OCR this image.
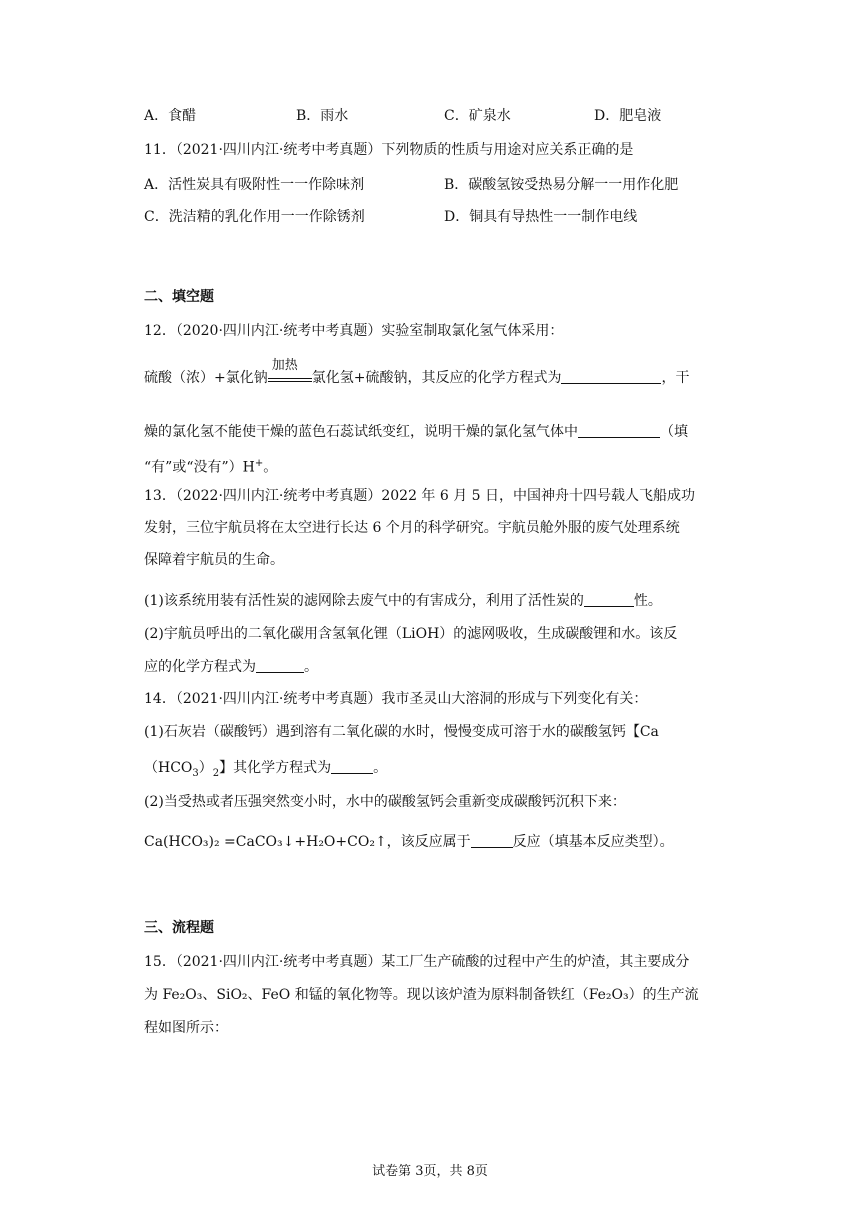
A．食醋	B．雨水	C．矿泉水	D．肥皂液
11．（2021·四川内江·统考中考真题）下列物质的性质与用途对应关系正确的是
A．活性炭具有吸附性一一作除味剂	B．碳酸氢铵受热易分解一一用作化肥
C．洗洁精的乳化作用一一作除锈剂	D．铜具有导热性一一制作电线
二、填空题
12．（2020·四川内江·统考中考真题）实验室制取氯化氢气体采用：
硫酸（浓）+氯化钠
加热
氯化氢+硫酸钠，其反应的化学方程式为	，干
燥的氯化氢不能使干燥的蓝色石蕊试纸变红，说明干燥的氯化氢气体中	（填
“有”或“没有”）H+。
13．（2022·四川内江·统考中考真题）2022 年 6 月 5 日，中国神舟十四号载人飞船成功
发射，三位宇航员将在太空进行长达 6 个月的科学研究。宇航员舱外服的废气处理系统
保障着宇航员的生命。
(1)该系统用装有活性炭的滤网除去废气中的有害成分，利用了活性炭的	性。
(2)宇航员呼出的二氧化碳用含氢氧化锂（LiOH）的滤网吸收，生成碳酸锂和水。该反
应的化学方程式为	。
14．（2021·四川内江·统考中考真题）我市圣灵山大溶洞的形成与下列变化有关：
(1)石灰岩（碳酸钙）遇到溶有二氧化碳的水时，慢慢变成可溶于水的碳酸氢钙【Ca
$(HCO_3)_2$】其化学方程式为	。
(2)当受热或者压强突然变小时，水中的碳酸氢钙会重新变成碳酸钙沉积下来：
Ca(HCO₃)₂ =CaCO₃↓+H₂O+CO₂↑，该反应属于	反应（填基本反应类型）。
三、流程题
15．（2021·四川内江·统考中考真题）某工厂生产硫酸的过程中产生的炉渣，其主要成分
为 Fe₂O₃、SiO₂、FeO 和锰的氧化物等。现以该炉渣为原料制备铁红（Fe₂O₃）的生产流
程如图所示：
试卷第 3页，共 8页
